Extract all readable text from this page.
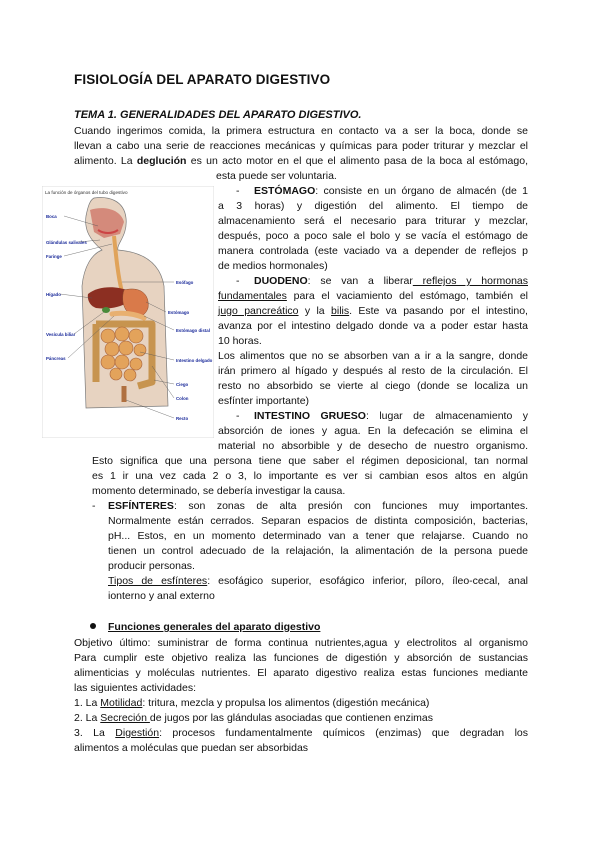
FISIOLOGÍA DEL APARATO DIGESTIVO
TEMA 1. GENERALIDADES DEL APARATO DIGESTIVO.
Cuando ingerimos comida, la primera estructura en contacto va a ser la boca, donde se
llevan a cabo una serie de reacciones mecánicas y químicas para poder triturar y mezclar el
alimento. La deglución es un acto motor en el que el alimento pasa de la boca al estómago,
esta puede ser voluntaria.
La función de órganos del tubo digestivo
Boca
Glándulas salivales
Faringe
Hígado
Vesícula biliar
Páncreas
Esófago
Estómago
Estómago distal
Intestino delgado
Ciego
Colon
Recto
- ESTÓMAGO: consiste en un órgano de almacén (de 1
a 3 horas) y digestión del alimento. El tiempo de
almacenamiento será el necesario para triturar y mezclar,
después, poco a poco sale el bolo y se vacía el estómago de
manera controlada (este vaciado va a depender de reflejos p
de medios hormonales)
- DUODENO: se van a liberar reflejos y hormonas
fundamentales para el vaciamiento del estómago, también el
jugo pancreático y la bilis. Este va pasando por el intestino,
avanza por el intestino delgado donde va a poder estar hasta
10 horas.
Los alimentos que no se absorben van a ir a la sangre, donde
irán primero al hígado y después al resto de la circulación. El
resto no absorbido se vierte al ciego (donde se localiza un
esfínter importante)
- INTESTINO GRUESO: lugar de almacenamiento y
absorción de iones y agua. En la defecación se elimina el
material no absorbible y de desecho de nuestro organismo.
Esto significa que una persona tiene que saber el régimen deposicional, tan normal
es 1 ir una vez cada 2 o 3, lo importante es ver si cambian esos altos en algún
momento determinado, se debería investigar la causa.
- ESFÍNTERES: son zonas de alta presión con funciones muy importantes.
Normalmente están cerrados. Separan espacios de distinta composición, bacterias,
pH... Estos, en un momento determinado van a tener que relajarse. Cuando no
tienen un control adecuado de la relajación, la alimentación de la persona puede
producir personas.
Tipos de esfínteres: esofágico superior, esofágico inferior, píloro, íleo-cecal, anal
ionterno y anal externo
Funciones generales del aparato digestivo
Objetivo último: suministrar de forma continua nutrientes,agua y electrolitos al organismo
Para cumplir este objetivo realiza las funciones de digestión y absorción de sustancias
alimenticias y moléculas nutrientes. El aparato digestivo realiza estas funciones mediante
las siguientes actividades:
1. La Motilidad: tritura, mezcla y propulsa los alimentos (digestión mecánica)
2. La Secreción de jugos por las glándulas asociadas que contienen enzimas
3. La Digestión: procesos fundamentalmente químicos (enzimas) que degradan los
alimentos a moléculas que puedan ser absorbidas
